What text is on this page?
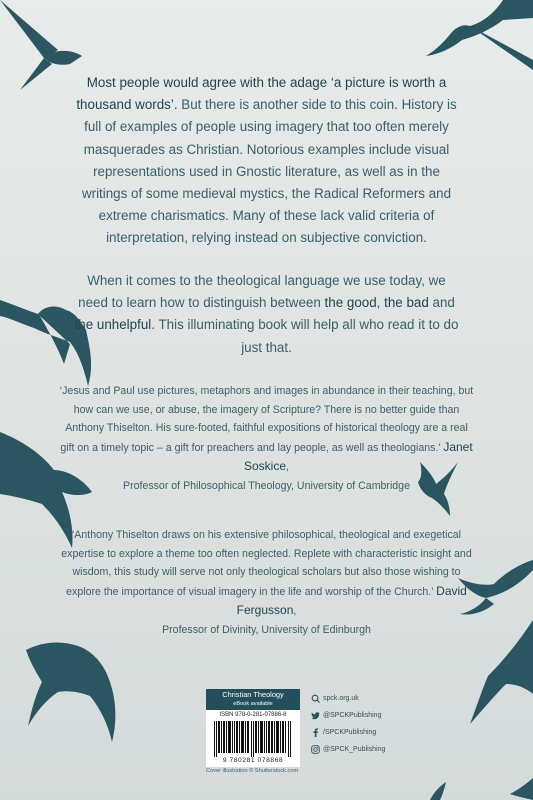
Most people would agree with the adage ‘a picture is worth a thousand words’. But there is another side to this coin. History is full of examples of people using imagery that too often merely masquerades as Christian. Notorious examples include visual representations used in Gnostic literature, as well as in the writings of some medieval mystics, the Radical Reformers and extreme charismatics. Many of these lack valid criteria of interpretation, relying instead on subjective conviction.
When it comes to the theological language we use today, we need to learn how to distinguish between the good, the bad and the unhelpful. This illuminating book will help all who read it to do just that.
‘Jesus and Paul use pictures, metaphors and images in abundance in their teaching, but how can we use, or abuse, the imagery of Scripture? There is no better guide than Anthony Thiselton. His sure-footed, faithful expositions of historical theology are a real gift on a timely topic – a gift for preachers and lay people, as well as theologians.’ Janet Soskice,
Professor of Philosophical Theology, University of Cambridge
‘Anthony Thiselton draws on his extensive philosophical, theological and exegetical expertise to explore a theme too often neglected. Replete with characteristic insight and wisdom, this study will serve not only theological scholars but also those wishing to explore the importance of visual imagery in the life and worship of the Church.’ David Fergusson,
Professor of Divinity, University of Edinburgh
Christian Theology
eBook available
ISBN 978-0-281-07886-8
9 780281 078868
Cover illustration © Shutterstock.com
spck.org.uk
@SPCKPublishing
/SPCKPublishing
@SPCK_Publishing
